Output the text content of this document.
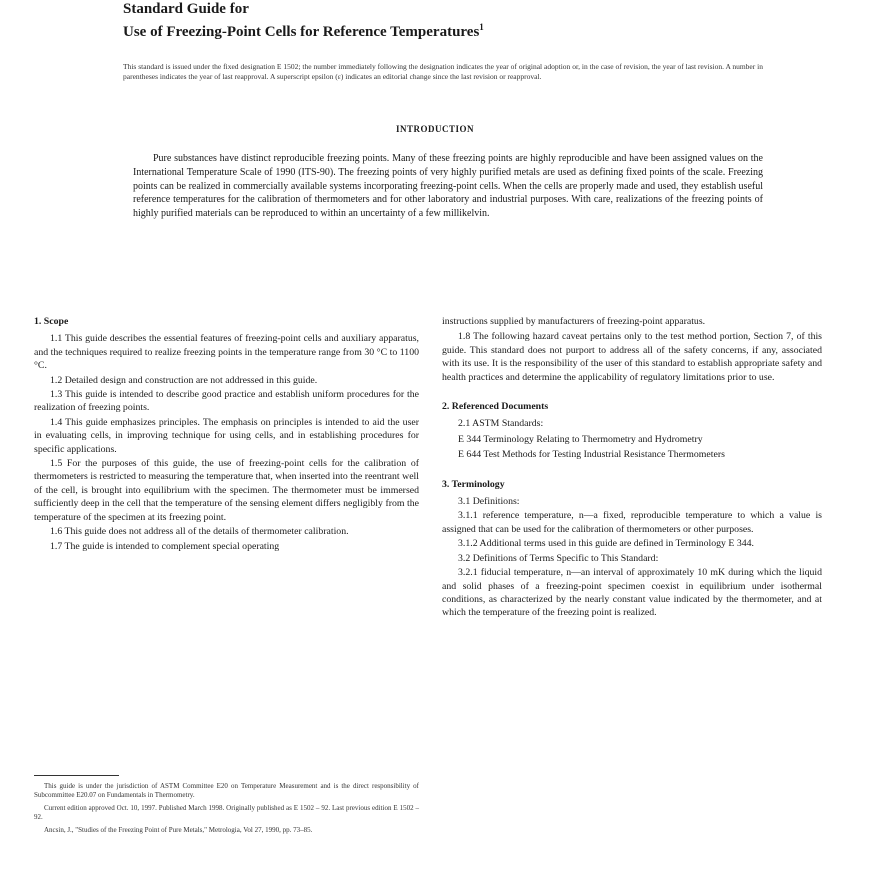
Standard Guide for

Use of Freezing-Point Cells for Reference Temperatures$^1$

This standard is issued under the fixed designation E 1502; the number immediately following the designation indicates the year of original adoption or, in the case of revision, the year of last revision. A number in parentheses indicates the year of last reapproval. A superscript epsilon (ε) indicates an editorial change since the last revision or reapproval.
INTRODUCTION
Pure substances have distinct reproducible freezing points. Many of these freezing points are highly reproducible and have been assigned values on the International Temperature Scale of 1990 (ITS-90). The freezing points of very highly purified metals are used as defining fixed points of the scale. Freezing points can be realized in commercially available systems incorporating freezing-point cells. When the cells are properly made and used, they establish useful reference temperatures for the calibration of thermometers and for other laboratory and industrial purposes. With care, realizations of the freezing points of highly purified materials can be reproduced to within an uncertainty of a few millikelvin.

1. Scope

1.1 This guide describes the essential features of freezing-point cells and auxiliary apparatus, and the techniques required to realize freezing points in the temperature range from 30 °C to 1100 °C.

1.2 Detailed design and construction are not addressed in this guide.

1.3 This guide is intended to describe good practice and establish uniform procedures for the realization of freezing points.

1.4 This guide emphasizes principles. The emphasis on principles is intended to aid the user in evaluating cells, in improving technique for using cells, and in establishing procedures for specific applications.

1.5 For the purposes of this guide, the use of freezing-point cells for the calibration of thermometers is restricted to measuring the temperature that, when inserted into the reentrant well of the cell, is brought into equilibrium with the specimen. The thermometer must be immersed sufficiently deep in the cell that the temperature of the sensing element differs negligibly from the temperature of the specimen at its freezing point.

1.6 This guide does not address all of the details of thermometer calibration.

1.7 The guide is intended to complement special operating

This guide is under the jurisdiction of ASTM Committee E20 on Temperature Measurement and is the direct responsibility of Subcommittee E20.07 on Fundamentals in Thermometry.

Current edition approved Oct. 10, 1997. Published March 1998. Originally published as E 1502 – 92. Last previous edition E 1502 – 92.

Ancsin, J., "Studies of the Freezing Point of Pure Metals," Metrologia, Vol 27, 1990, pp. 73–85.

instructions supplied by manufacturers of freezing-point apparatus.

1.8 The following hazard caveat pertains only to the test method portion, Section 7, of this guide. This standard does not purport to address all of the safety concerns, if any, associated with its use. It is the responsibility of the user of this standard to establish appropriate safety and health practices and determine the applicability of regulatory limitations prior to use.

2. Referenced Documents

2.1 ASTM Standards:

E 344 Terminology Relating to Thermometry and Hydrometry

E 644 Test Methods for Testing Industrial Resistance Thermometers

3. Terminology

3.1 Definitions:

3.1.1 reference temperature, n—a fixed, reproducible temperature to which a value is assigned that can be used for the calibration of thermometers or other purposes.

3.1.2 Additional terms used in this guide are defined in Terminology E 344.

3.2 Definitions of Terms Specific to This Standard:

3.2.1 fiducial temperature, n—an interval of approximately 10 mK during which the liquid and solid phases of a freezing-point specimen coexist in equilibrium under isothermal conditions, as characterized by the nearly constant value indicated by the thermometer, and at which the temperature of the freezing point is realized.
